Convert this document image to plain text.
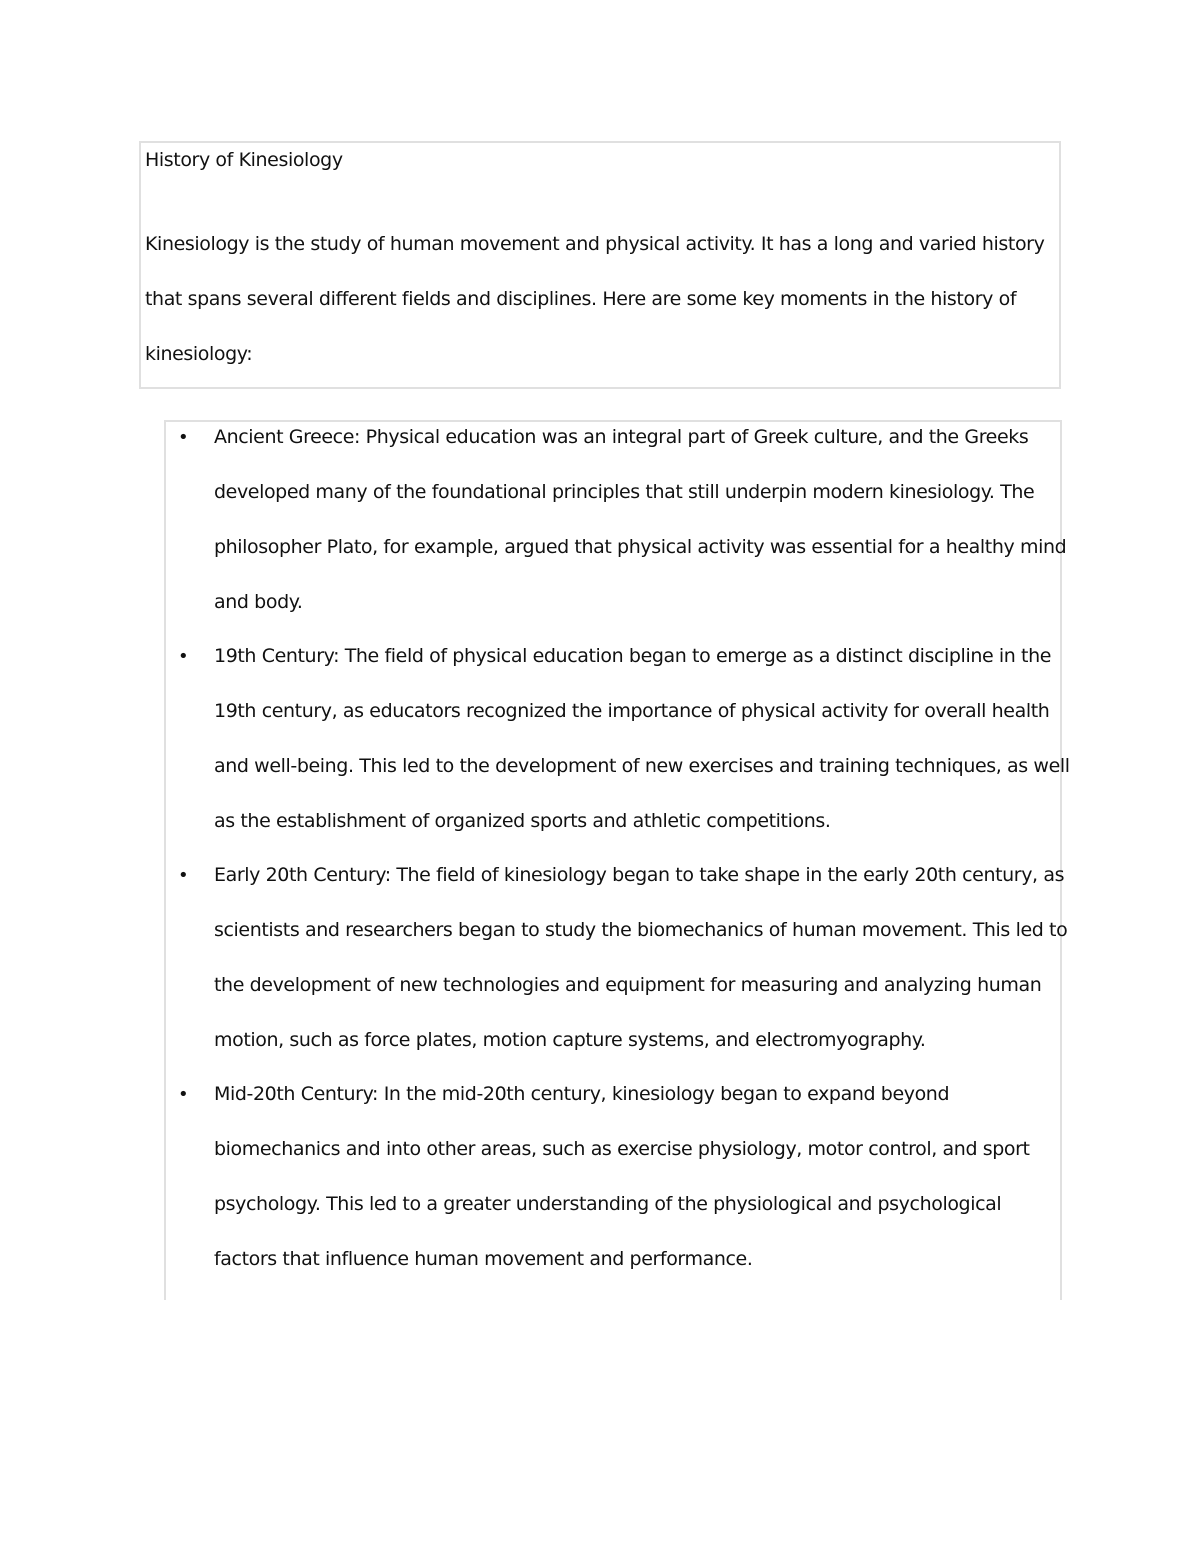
History of Kinesiology
Kinesiology is the study of human movement and physical activity. It has a long and varied history
that spans several different fields and disciplines. Here are some key moments in the history of
kinesiology:
• Ancient Greece: Physical education was an integral part of Greek culture, and the Greeks
developed many of the foundational principles that still underpin modern kinesiology. The
philosopher Plato, for example, argued that physical activity was essential for a healthy mind
and body.
• 19th Century: The field of physical education began to emerge as a distinct discipline in the
19th century, as educators recognized the importance of physical activity for overall health
and well-being. This led to the development of new exercises and training techniques, as well
as the establishment of organized sports and athletic competitions.
• Early 20th Century: The field of kinesiology began to take shape in the early 20th century, as
scientists and researchers began to study the biomechanics of human movement. This led to
the development of new technologies and equipment for measuring and analyzing human
motion, such as force plates, motion capture systems, and electromyography.
• Mid-20th Century: In the mid-20th century, kinesiology began to expand beyond
biomechanics and into other areas, such as exercise physiology, motor control, and sport
psychology. This led to a greater understanding of the physiological and psychological
factors that influence human movement and performance.
